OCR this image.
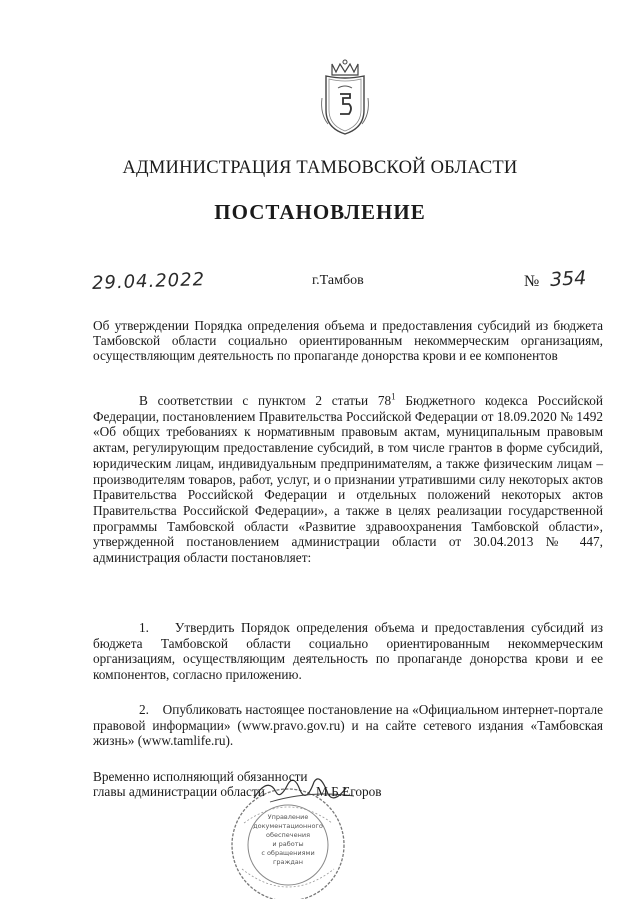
АДМИНИСТРАЦИЯ ТАМБОВСКОЙ ОБЛАСТИ
ПОСТАНОВЛЕНИЕ
29.04.2022	г.Тамбов	№ 354
Об утверждении Порядка определения объема и предоставления субсидий из бюджета Тамбовской области социально ориентированным некоммерческим организациям, осуществляющим деятельность по пропаганде донорства крови и ее компонентов
В соответствии с пунктом 2 статьи $78^1$ Бюджетного кодекса Российской Федерации, постановлением Правительства Российской Федерации от 18.09.2020 № 1492 «Об общих требованиях к нормативным правовым актам, муниципальным правовым актам, регулирующим предоставление субсидий, в том числе грантов в форме субсидий, юридическим лицам, индивидуальным предпринимателям, а также физическим лицам – производителям товаров, работ, услуг, и о признании утратившими силу некоторых актов Правительства Российской Федерации и отдельных положений некоторых актов Правительства Российской Федерации», а также в целях реализации государственной программы Тамбовской области «Развитие здравоохранения Тамбовской области», утвержденной постановлением администрации области от 30.04.2013 № 447, администрация области постановляет:
1.    Утвердить Порядок определения объема и предоставления субсидий из бюджета Тамбовской области социально ориентированным некоммерческим организациям, осуществляющим деятельность по пропаганде донорства крови и ее компонентов, согласно приложению.
2.    Опубликовать настоящее постановление на «Официальном интернет-портале правовой информации» (www.pravo.gov.ru) и на сайте сетевого издания «Тамбовская жизнь» (www.tamlife.ru).
Управление
документационного
обеспечения
и работы
с обращениями
граждан
Временно исполняющий обязанности
главы администрации области	М.Б.Егоров
